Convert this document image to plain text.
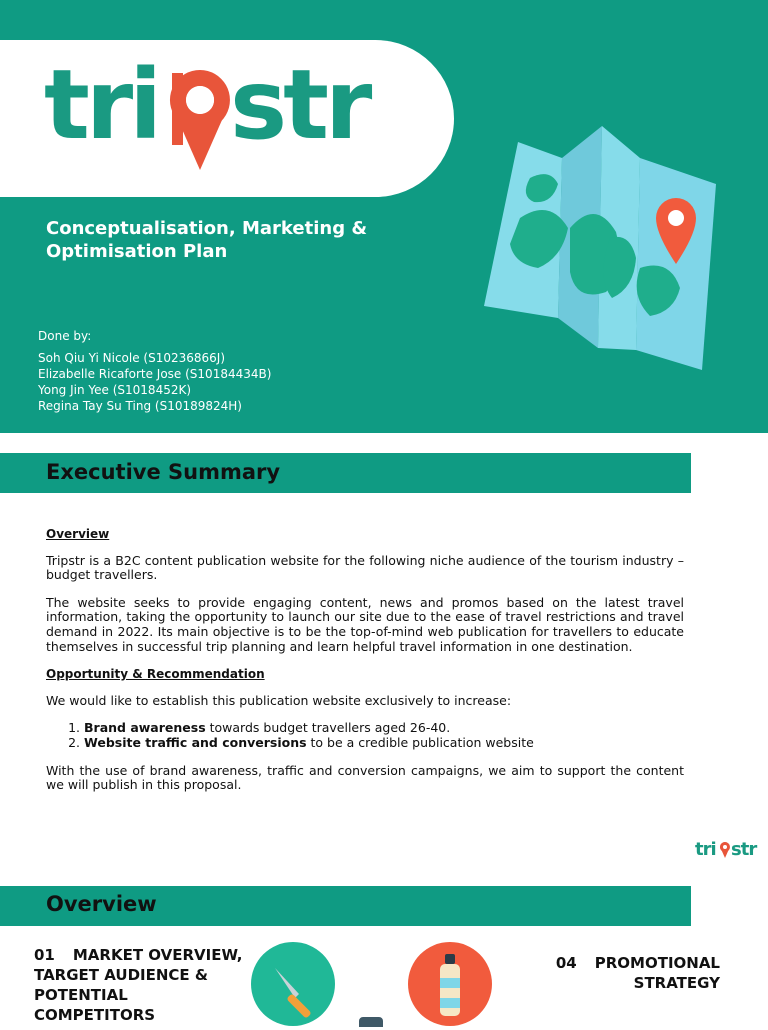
tri str
Conceptualisation, Marketing & Optimisation Plan
Done by:
Soh Qiu Yi Nicole (S10236866J)
Elizabelle Ricaforte Jose (S10184434B)
Yong Jin Yee (S1018452K)
Regina Tay Su Ting (S10189824H)
Executive Summary

Overview

Tripstr is a B2C content publication website for the following niche audience of the tourism industry – budget travellers.

The website seeks to provide engaging content, news and promos based on the latest travel information, taking the opportunity to launch our site due to the ease of travel restrictions and travel demand in 2022. Its main objective is to be the top-of-mind web publication for travellers to educate themselves in successful trip planning and learn helpful travel information in one destination.

Opportunity & Recommendation

We would like to establish this publication website exclusively to increase:

1. Brand awareness towards budget travellers aged 26-40.
2. Website traffic and conversions to be a credible publication website

With the use of brand awareness, traffic and conversion campaigns, we aim to support the content we will publish in this proposal.

tri str
Overview
01 MARKET OVERVIEW, TARGET AUDIENCE & POTENTIAL COMPETITORS
04 PROMOTIONAL STRATEGY
